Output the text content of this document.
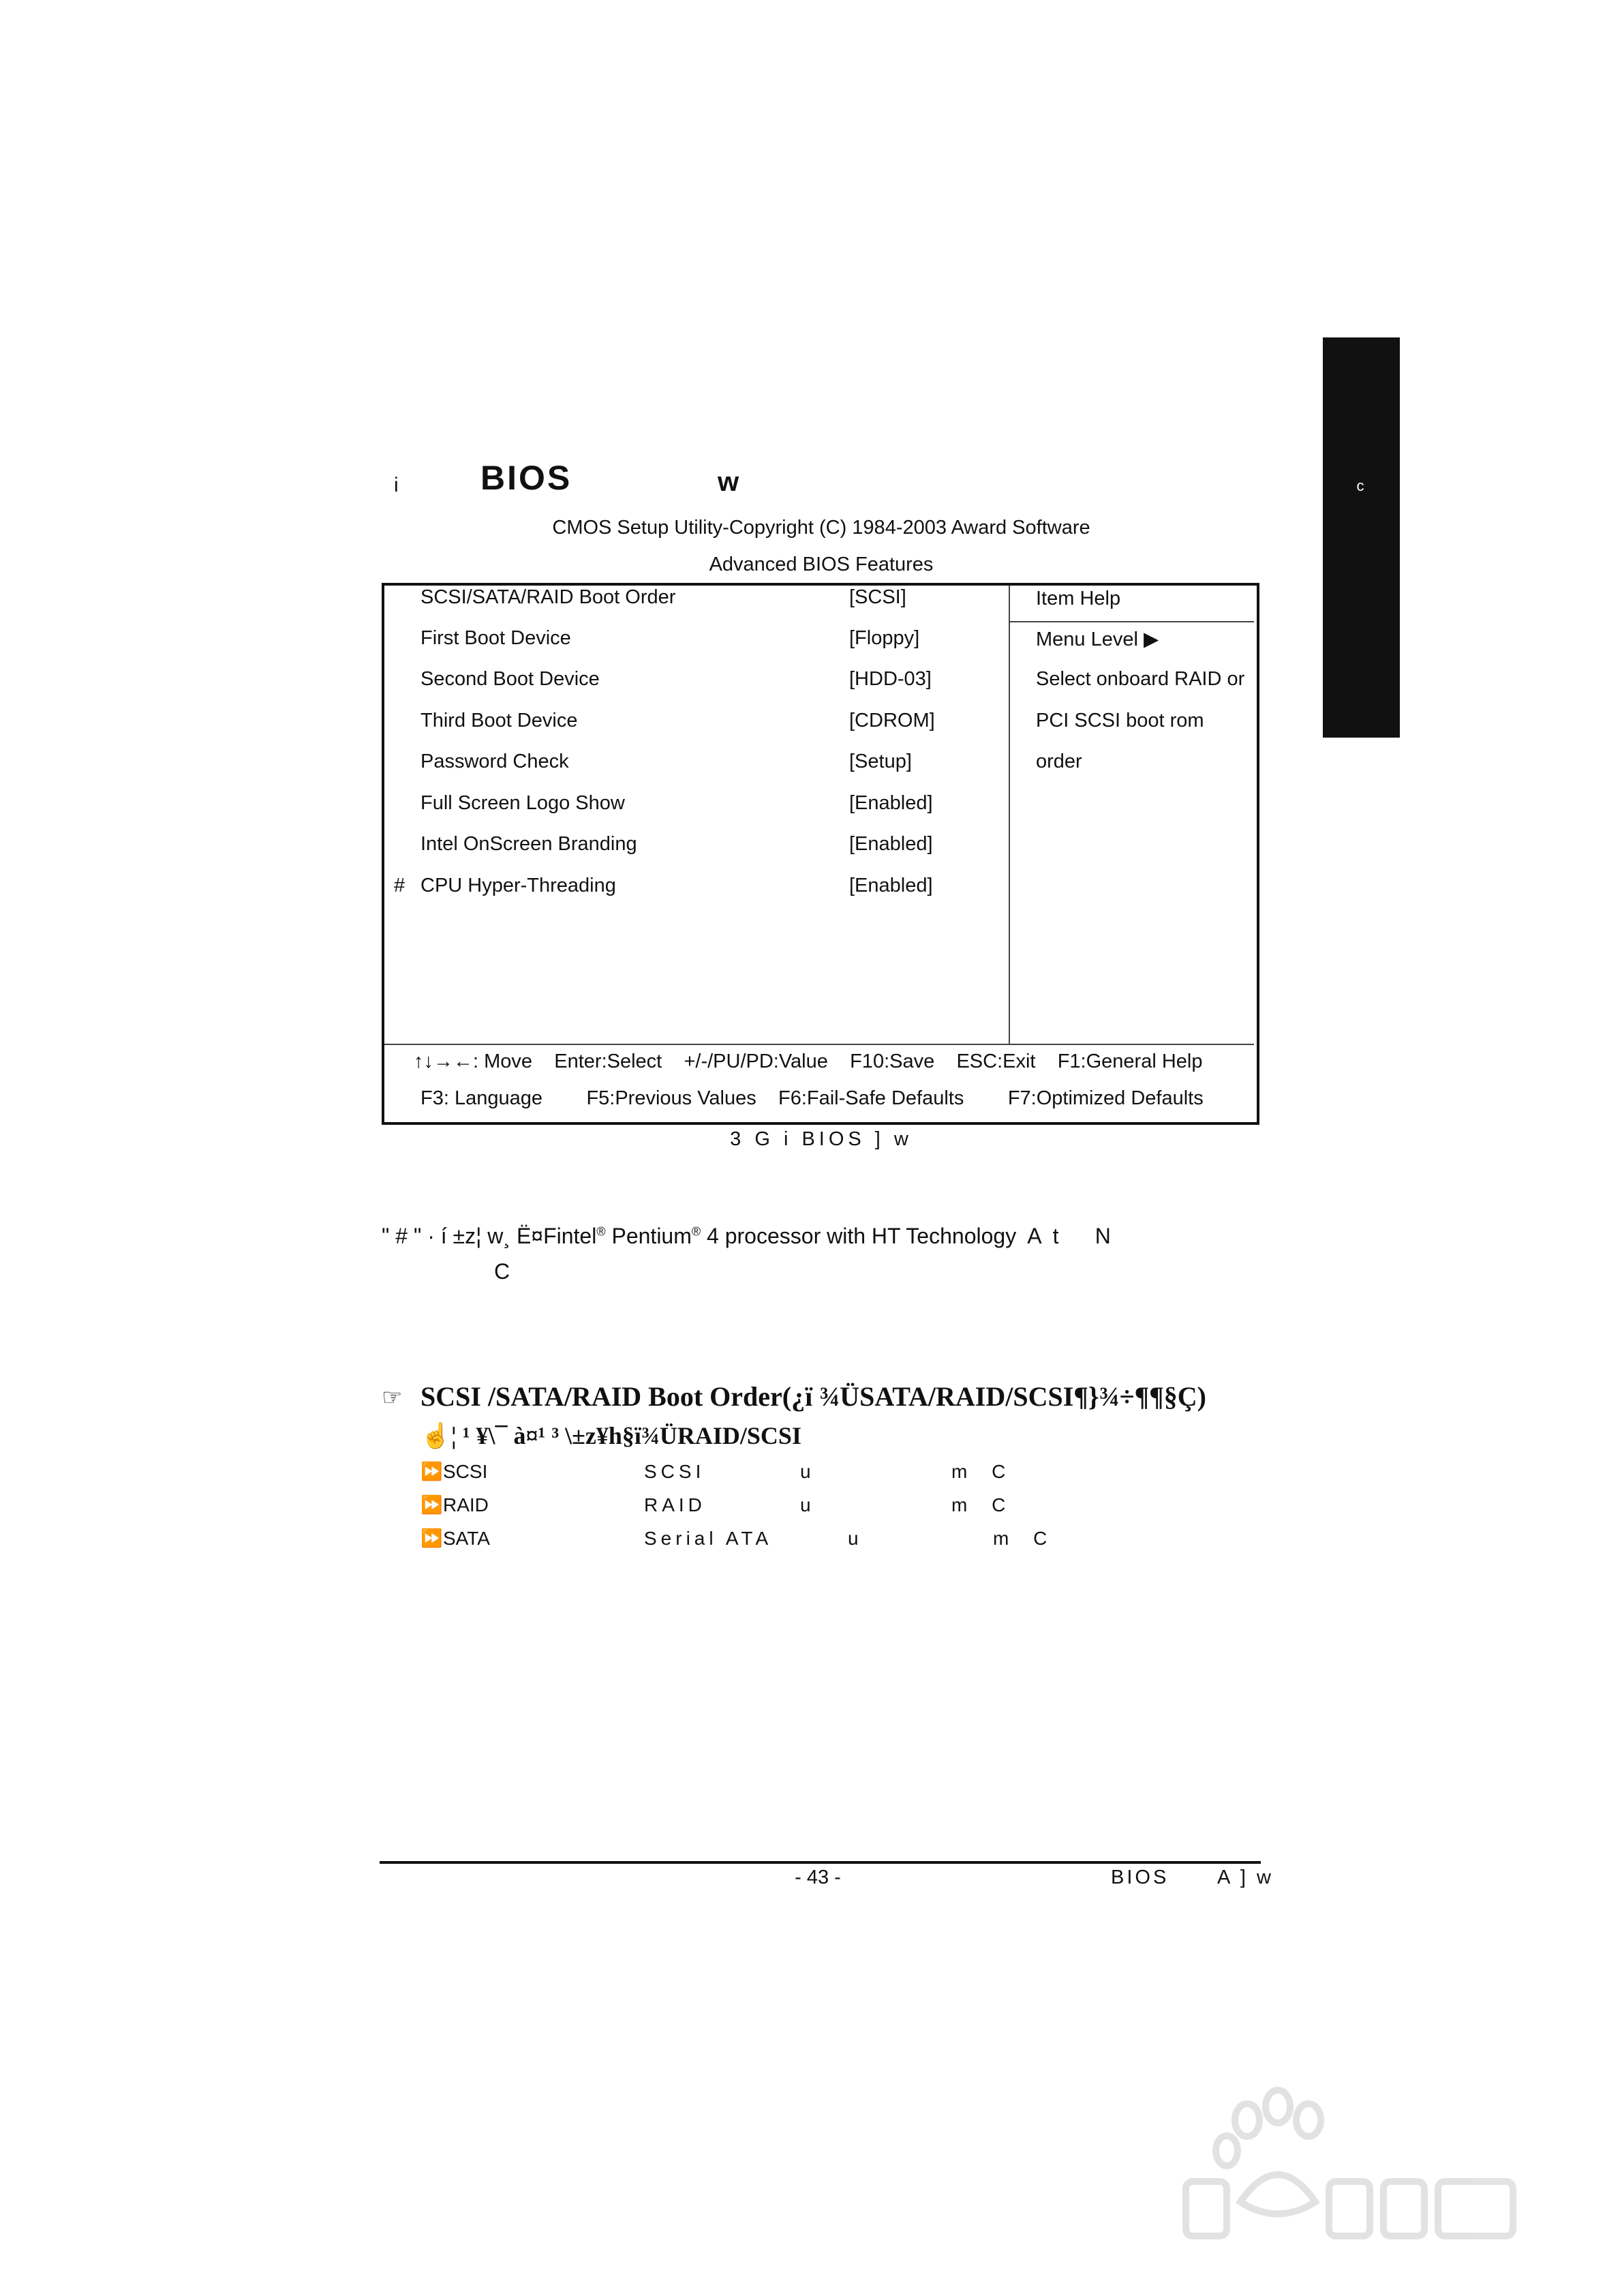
c
i BIOS	w
CMOS Setup Utility-Copyright (C) 1984-2003 Award Software
Advanced BIOS Features
SCSI/SATA/RAID Boot Order	[SCSI]
First Boot Device	[Floppy]
Second Boot Device	[HDD-03]
Third Boot Device	[CDROM]
Password Check	[Setup]
Full Screen Logo Show	[Enabled]
Intel OnScreen Branding	[Enabled]
# CPU Hyper-Threading	[Enabled]
Item Help
Menu Level ▶
Select onboard RAID or
PCI SCSI boot rom
order
↑↓→←: Move    Enter:Select    +/-/PU/PD:Value    F10:Save    ESC:Exit    F1:General Help
F3: Language        F5:Previous Values    F6:Fail-Safe Defaults        F7:Optimized Defaults
3 G i BIOS ] w
" # " · í ±z¦ w¸ Ë¤Fintel® Pentium® 4 processor with HT Technology  A  t      N
C
☞ SCSI /SATA/RAID Boot Order(¿ï ¾ÜSATA/RAID/SCSI¶}¾÷¶¶§Ç)
☝¦ ¹ ¥\¯ à¤¹ ³ \±z¥h§ï¾ÜRAID/SCSI
⏩ SCSI	SCSI	u	m C
⏩ RAID	RAID	u	m C
⏩ SATA	Serial ATA	u	m C
- 43 -	BIOS      A ] w
